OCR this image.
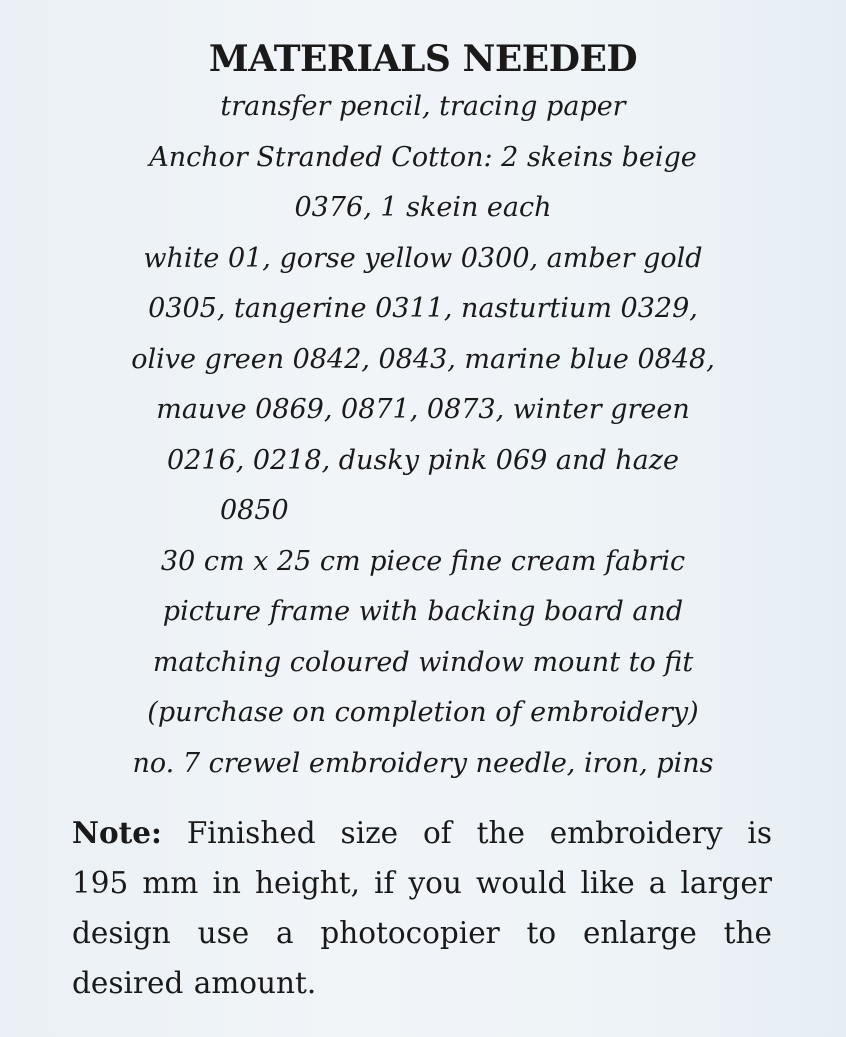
MATERIALS NEEDED

transfer pencil, tracing paper

Anchor Stranded Cotton: 2 skeins beige

0376, 1 skein each

white 01, gorse yellow 0300, amber gold

0305, tangerine 0311, nasturtium 0329,

olive green 0842, 0843, marine blue 0848,

mauve 0869, 0871, 0873, winter green

0216, 0218, dusky pink 069 and haze

0850

30 cm x 25 cm piece fine cream fabric

picture frame with backing board and

matching coloured window mount to fit

(purchase on completion of embroidery)

no. 7 crewel embroidery needle, iron, pins

Note: Finished size of the embroidery is
195 mm in height, if you would like a larger
design use a photocopier to enlarge the
desired amount.
